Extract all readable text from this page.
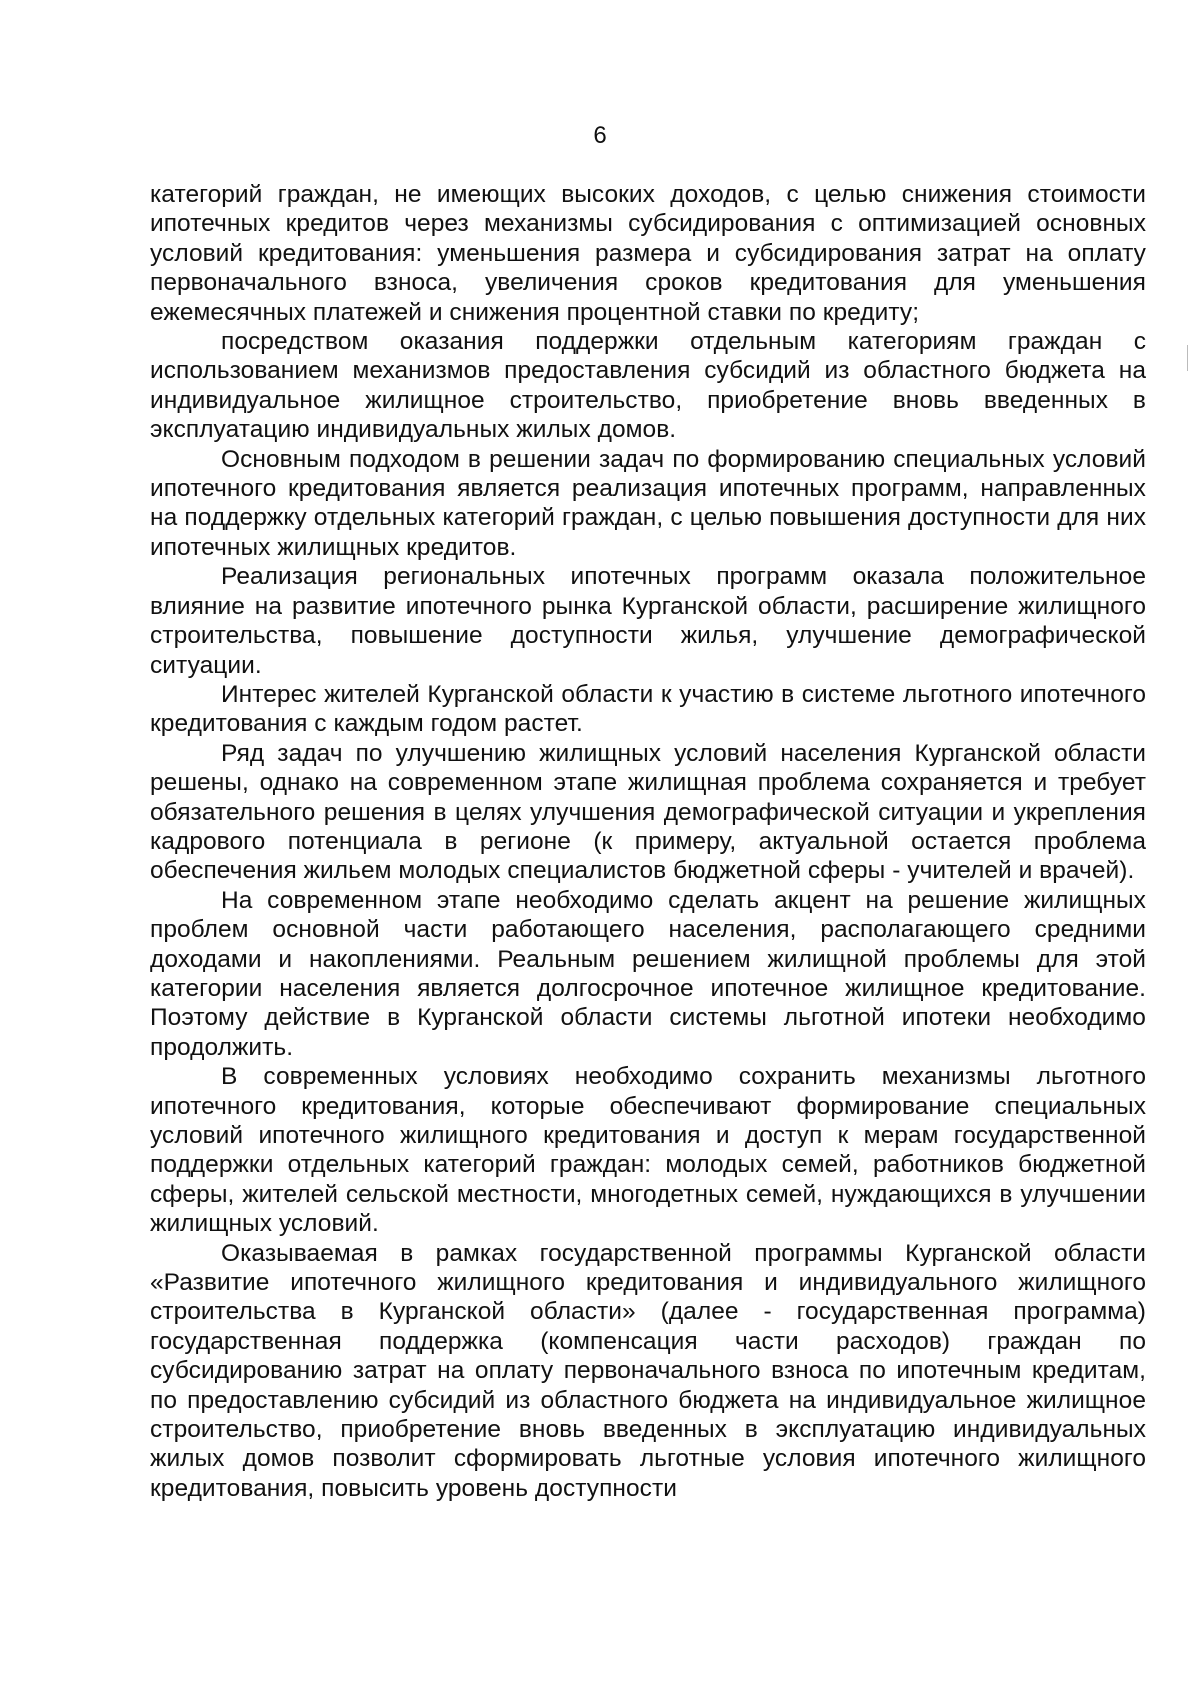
6

категорий граждан, не имеющих высоких доходов, с целью снижения стоимости ипотечных кредитов через механизмы субсидирования с оптимизацией основных условий кредитования: уменьшения размера и субсидирования затрат на оплату первоначального взноса, увеличения сроков кредитования для уменьшения ежемесячных платежей и снижения процентной ставки по кредиту;

посредством оказания поддержки отдельным категориям граждан с использованием механизмов предоставления субсидий из областного бюджета на индивидуальное жилищное строительство, приобретение вновь введенных в эксплуатацию индивидуальных жилых домов.

Основным подходом в решении задач по формированию специальных условий ипотечного кредитования является реализация ипотечных программ, направленных на поддержку отдельных категорий граждан, с целью повышения доступности для них ипотечных жилищных кредитов.

Реализация региональных ипотечных программ оказала положительное влияние на развитие ипотечного рынка Курганской области, расширение жилищного строительства, повышение доступности жилья, улучшение демографической ситуации.

Интерес жителей Курганской области к участию в системе льготного ипотечного кредитования с каждым годом растет.

Ряд задач по улучшению жилищных условий населения Курганской области решены, однако на современном этапе жилищная проблема сохраняется и требует обязательного решения в целях улучшения демографической ситуации и укрепления кадрового потенциала в регионе (к примеру, актуальной остается проблема обеспечения жильем молодых специалистов бюджетной сферы - учителей и врачей).

На современном этапе необходимо сделать акцент на решение жилищных проблем основной части работающего населения, располагающего средними доходами и накоплениями. Реальным решением жилищной проблемы для этой категории населения является долгосрочное ипотечное жилищное кредитование. Поэтому действие в Курганской области системы льготной ипотеки необходимо продолжить.

В современных условиях необходимо сохранить механизмы льготного ипотечного кредитования, которые обеспечивают формирование специальных условий ипотечного жилищного кредитования и доступ к мерам государственной поддержки отдельных категорий граждан: молодых семей, работников бюджетной сферы, жителей сельской местности, многодетных семей, нуждающихся в улучшении жилищных условий.

Оказываемая в рамках государственной программы Курганской области «Развитие ипотечного жилищного кредитования и индивидуального жилищного строительства в Курганской области» (далее - государственная программа) государственная поддержка (компенсация части расходов) граждан по субсидированию затрат на оплату первоначального взноса по ипотечным кредитам, по предоставлению субсидий из областного бюджета на индивидуальное жилищное строительство, приобретение вновь введенных в эксплуатацию индивидуальных жилых домов позволит сформировать льготные условия ипотечного жилищного кредитования, повысить уровень доступности
